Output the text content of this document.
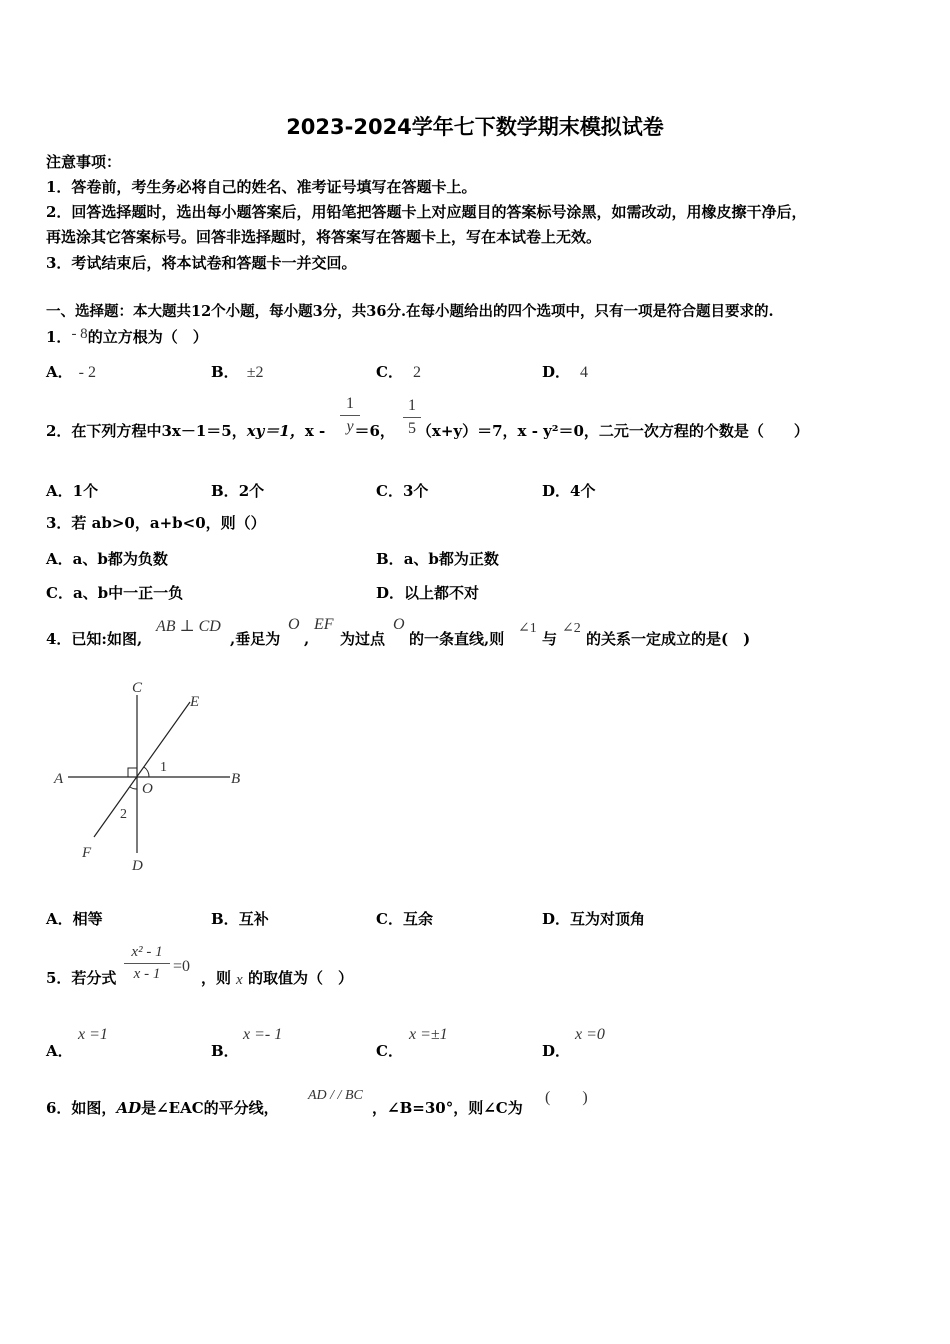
2023-2024学年七下数学期末模拟试卷
注意事项：
1．答卷前，考生务必将自己的姓名、准考证号填写在答题卡上。
2．回答选择题时，选出每小题答案后，用铅笔把答题卡上对应题目的答案标号涂黑，如需改动，用橡皮擦干净后，
再选涂其它答案标号。回答非选择题时，将答案写在答题卡上，写在本试卷上无效。
3．考试结束后，将本试卷和答题卡一并交回。
一、选择题：本大题共12个小题，每小题3分，共36分.在每小题给出的四个选项中，只有一项是符合题目要求的.
1．- 8的立方根为（　）
A． - 2	B． ±2	C． 2	D． 4
2．在下列方程中3x－1＝5，xy＝1，x - ＝6， （x+y）＝7，x - y²＝0，二元一次方程的个数是（　　）
1
y
1
5
A．1个	B．2个	C．3个	D．4个
3．若 ab>0，a+b<0，则（）
A．a、b都为负数	B．a、b都为正数
C．a、b中一正一负	D．以上都不对
4．已知:如图,
AB ⊥ CD
,垂足为
O
,
EF
为过点
O
的一条直线,则
∠1
与
∠2
的关系一定成立的是(　)
C
E
A	B
O
1
2
F
D
A．相等	B．互补	C．互余	D．互为对顶角
5．若分式
x² - 1
x - 1 =0
，则 x 的取值为（　）
A．
x =1
B．
x =- 1
C．
x =±1
D．
x =0
6．如图，AD是∠EAC的平分线，
AD / / BC
，∠B=30°，则∠C为
(　　)
